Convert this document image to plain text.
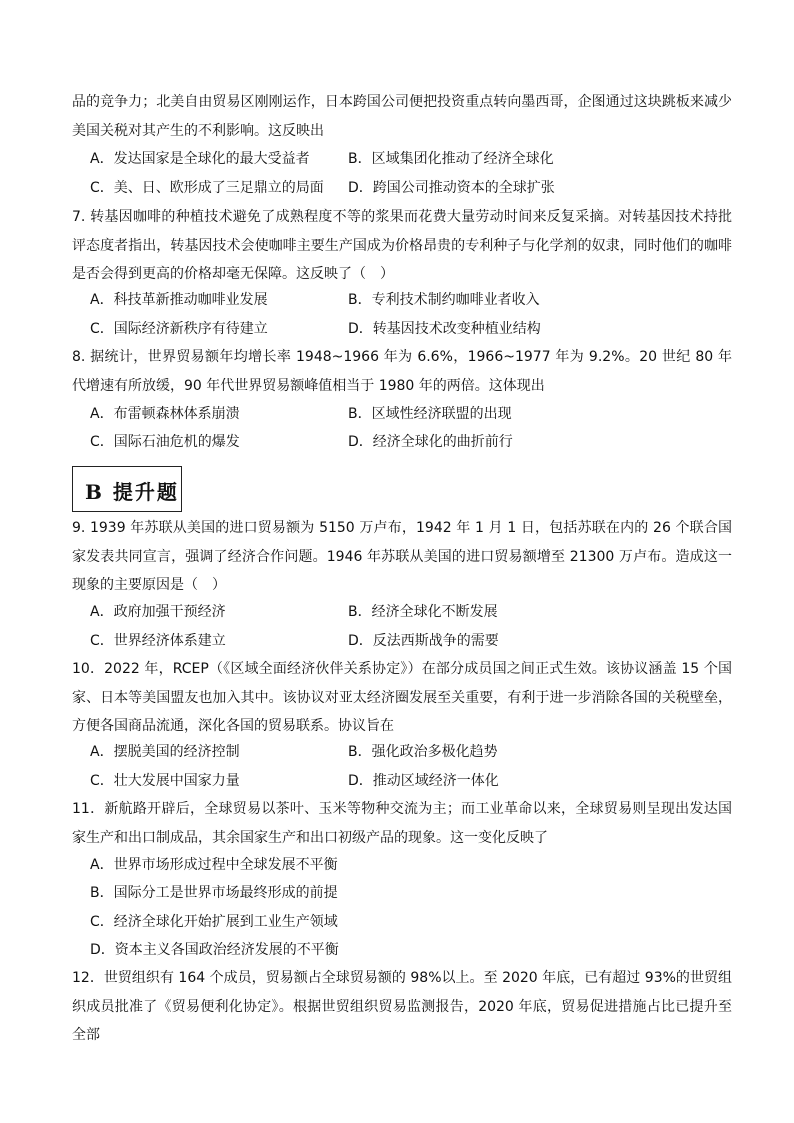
品的竞争力；北美自由贸易区刚刚运作，日本跨国公司便把投资重点转向墨西哥，企图通过这块跳板来减少美国关税对其产生的不利影响。这反映出

A．发达国家是全球化的最大受益者	B．区域集团化推动了经济全球化
C．美、日、欧形成了三足鼎立的局面 D．跨国公司推动资本的全球扩张

7. 转基因咖啡的种植技术避免了成熟程度不等的浆果而花费大量劳动时间来反复采摘。对转基因技术持批评态度者指出，转基因技术会使咖啡主要生产国成为价格昂贵的专利种子与化学剂的奴隶，同时他们的咖啡是否会得到更高的价格却毫无保障。这反映了（　）

A．科技革新推动咖啡业发展	B．专利技术制约咖啡业者收入
C．国际经济新秩序有待建立	D．转基因技术改变种植业结构

8. 据统计，世界贸易额年均增长率 1948~1966 年为 6.6%，1966~1977 年为 9.2%。20 世纪 80 年代增速有所放缓，90 年代世界贸易额峰值相当于 1980 年的两倍。这体现出

A．布雷顿森林体系崩溃	B．区域性经济联盟的出现
C．国际石油危机的爆发	D．经济全球化的曲折前行
B 提升题

9. 1939 年苏联从美国的进口贸易额为 5150 万卢布，1942 年 1 月 1 日，包括苏联在内的 26 个联合国家发表共同宣言，强调了经济合作问题。1946 年苏联从美国的进口贸易额增至 21300 万卢布。造成这一现象的主要原因是（　）

A．政府加强干预经济	B．经济全球化不断发展
C．世界经济体系建立	D．反法西斯战争的需要

10．2022 年，RCEP（《区域全面经济伙伴关系协定》）在部分成员国之间正式生效。该协议涵盖 15 个国家、日本等美国盟友也加入其中。该协议对亚太经济圈发展至关重要，有利于进一步消除各国的关税壁垒，方便各国商品流通，深化各国的贸易联系。协议旨在

A．摆脱美国的经济控制	B．强化政治多极化趋势
C．壮大发展中国家力量	D．推动区域经济一体化

11．新航路开辟后，全球贸易以茶叶、玉米等物种交流为主；而工业革命以来，全球贸易则呈现出发达国家生产和出口制成品，其余国家生产和出口初级产品的现象。这一变化反映了

A．世界市场形成过程中全球发展不平衡
B．国际分工是世界市场最终形成的前提
C．经济全球化开始扩展到工业生产领域
D．资本主义各国政治经济发展的不平衡

12．世贸组织有 164 个成员，贸易额占全球贸易额的 98%以上。至 2020 年底，已有超过 93%的世贸组织成员批准了《贸易便利化协定》。根据世贸组织贸易监测报告，2020 年底，贸易促进措施占比已提升至全部
